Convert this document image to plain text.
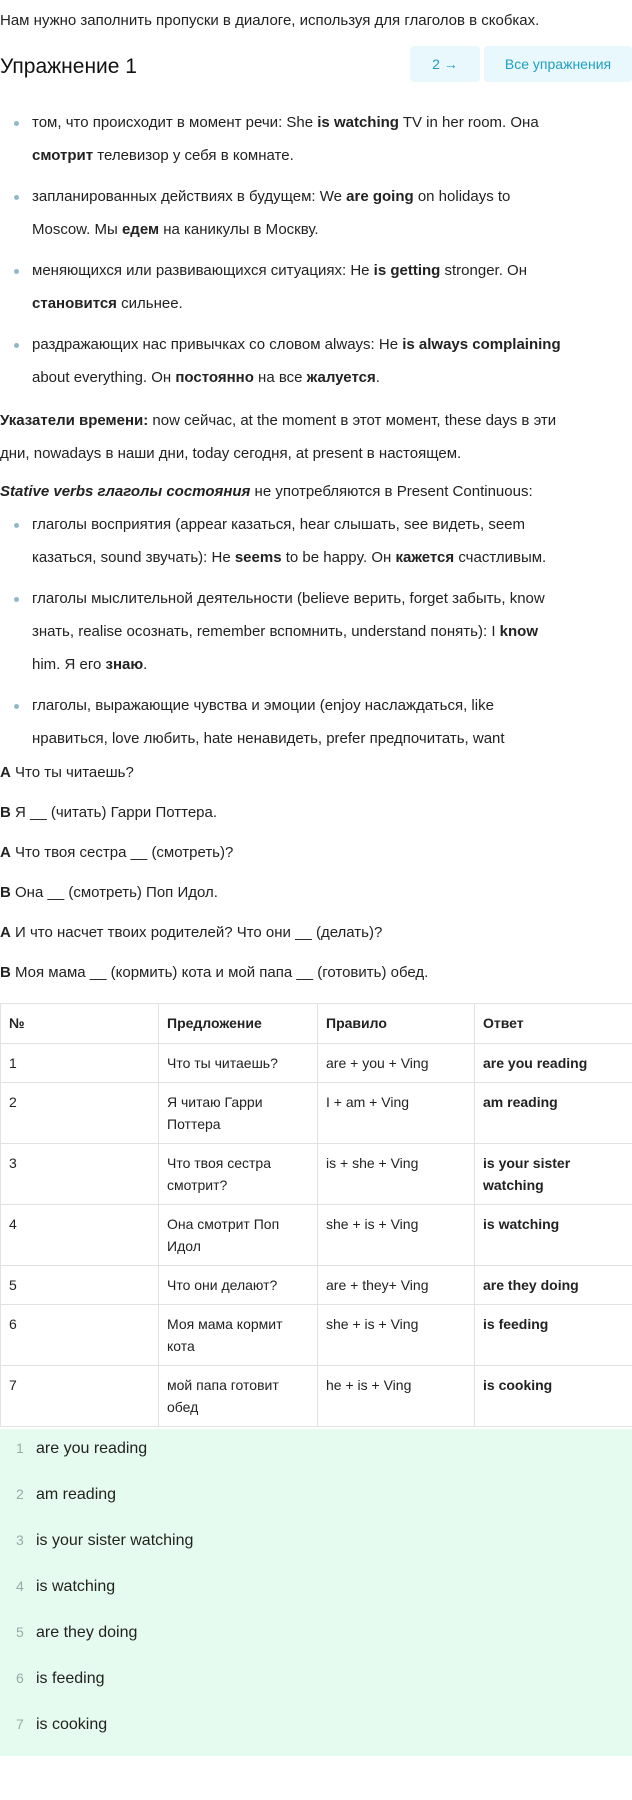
Нам нужно заполнить пропуски в диалоге, используя для глаголов в скобках.
Упражнение 1	2 →	Все упражнения
том, что происходит в момент речи: She is watching TV in her room. Она
смотрит телевизор у себя в комнате.
запланированных действиях в будущем: We are going on holidays to
Moscow. Мы едем на каникулы в Москву.
меняющихся или развивающихся ситуациях: He is getting stronger. Он
становится сильнее.
раздражающих нас привычках со словом always: He is always complaining
about everything. Он постоянно на все жалуется.
Указатели времени: now сейчас, at the moment в этот момент, these days в эти
дни, nowadays в наши дни, today сегодня, at present в настоящем.
Stative verbs глаголы состояния не употребляются в Present Continuous:
глаголы восприятия (appear казаться, hear слышать, see видеть, seem
казаться, sound звучать): He seems to be happy. Он кажется счастливым.
глаголы мыслительной деятельности (believe верить, forget забыть, know
знать, realise осознать, remember вспомнить, understand понять): I know
him. Я его знаю.
глаголы, выражающие чувства и эмоции (enjoy наслаждаться, like
нравиться, love любить, hate ненавидеть, prefer предпочитать, want
A Что ты читаешь?
B Я __ (читать) Гарри Поттера.
A Что твоя сестра __ (смотреть)?
B Она __ (смотреть) Поп Идол.
A И что насчет твоих родителей? Что они __ (делать)?
B Моя мама __ (кормить) кота и мой папа __ (готовить) обед.
№	Предложение	Правило	Ответ
1	Что ты читаешь?	are + you + Ving	are you reading
2	Я читаю Гарри Поттера	I + am + Ving	am reading
3	Что твоя сестра смотрит?	is + she + Ving	is your sister watching
4	Она смотрит Поп Идол	she + is + Ving	is watching
5	Что они делают?	are + they+ Ving	are they doing
6	Моя мама кормит кота	she + is + Ving	is feeding
7	мой папа готовит обед	he + is + Ving	is cooking
1 are you reading
2 am reading
3 is your sister watching
4 is watching
5 are they doing
6 is feeding
7 is cooking
